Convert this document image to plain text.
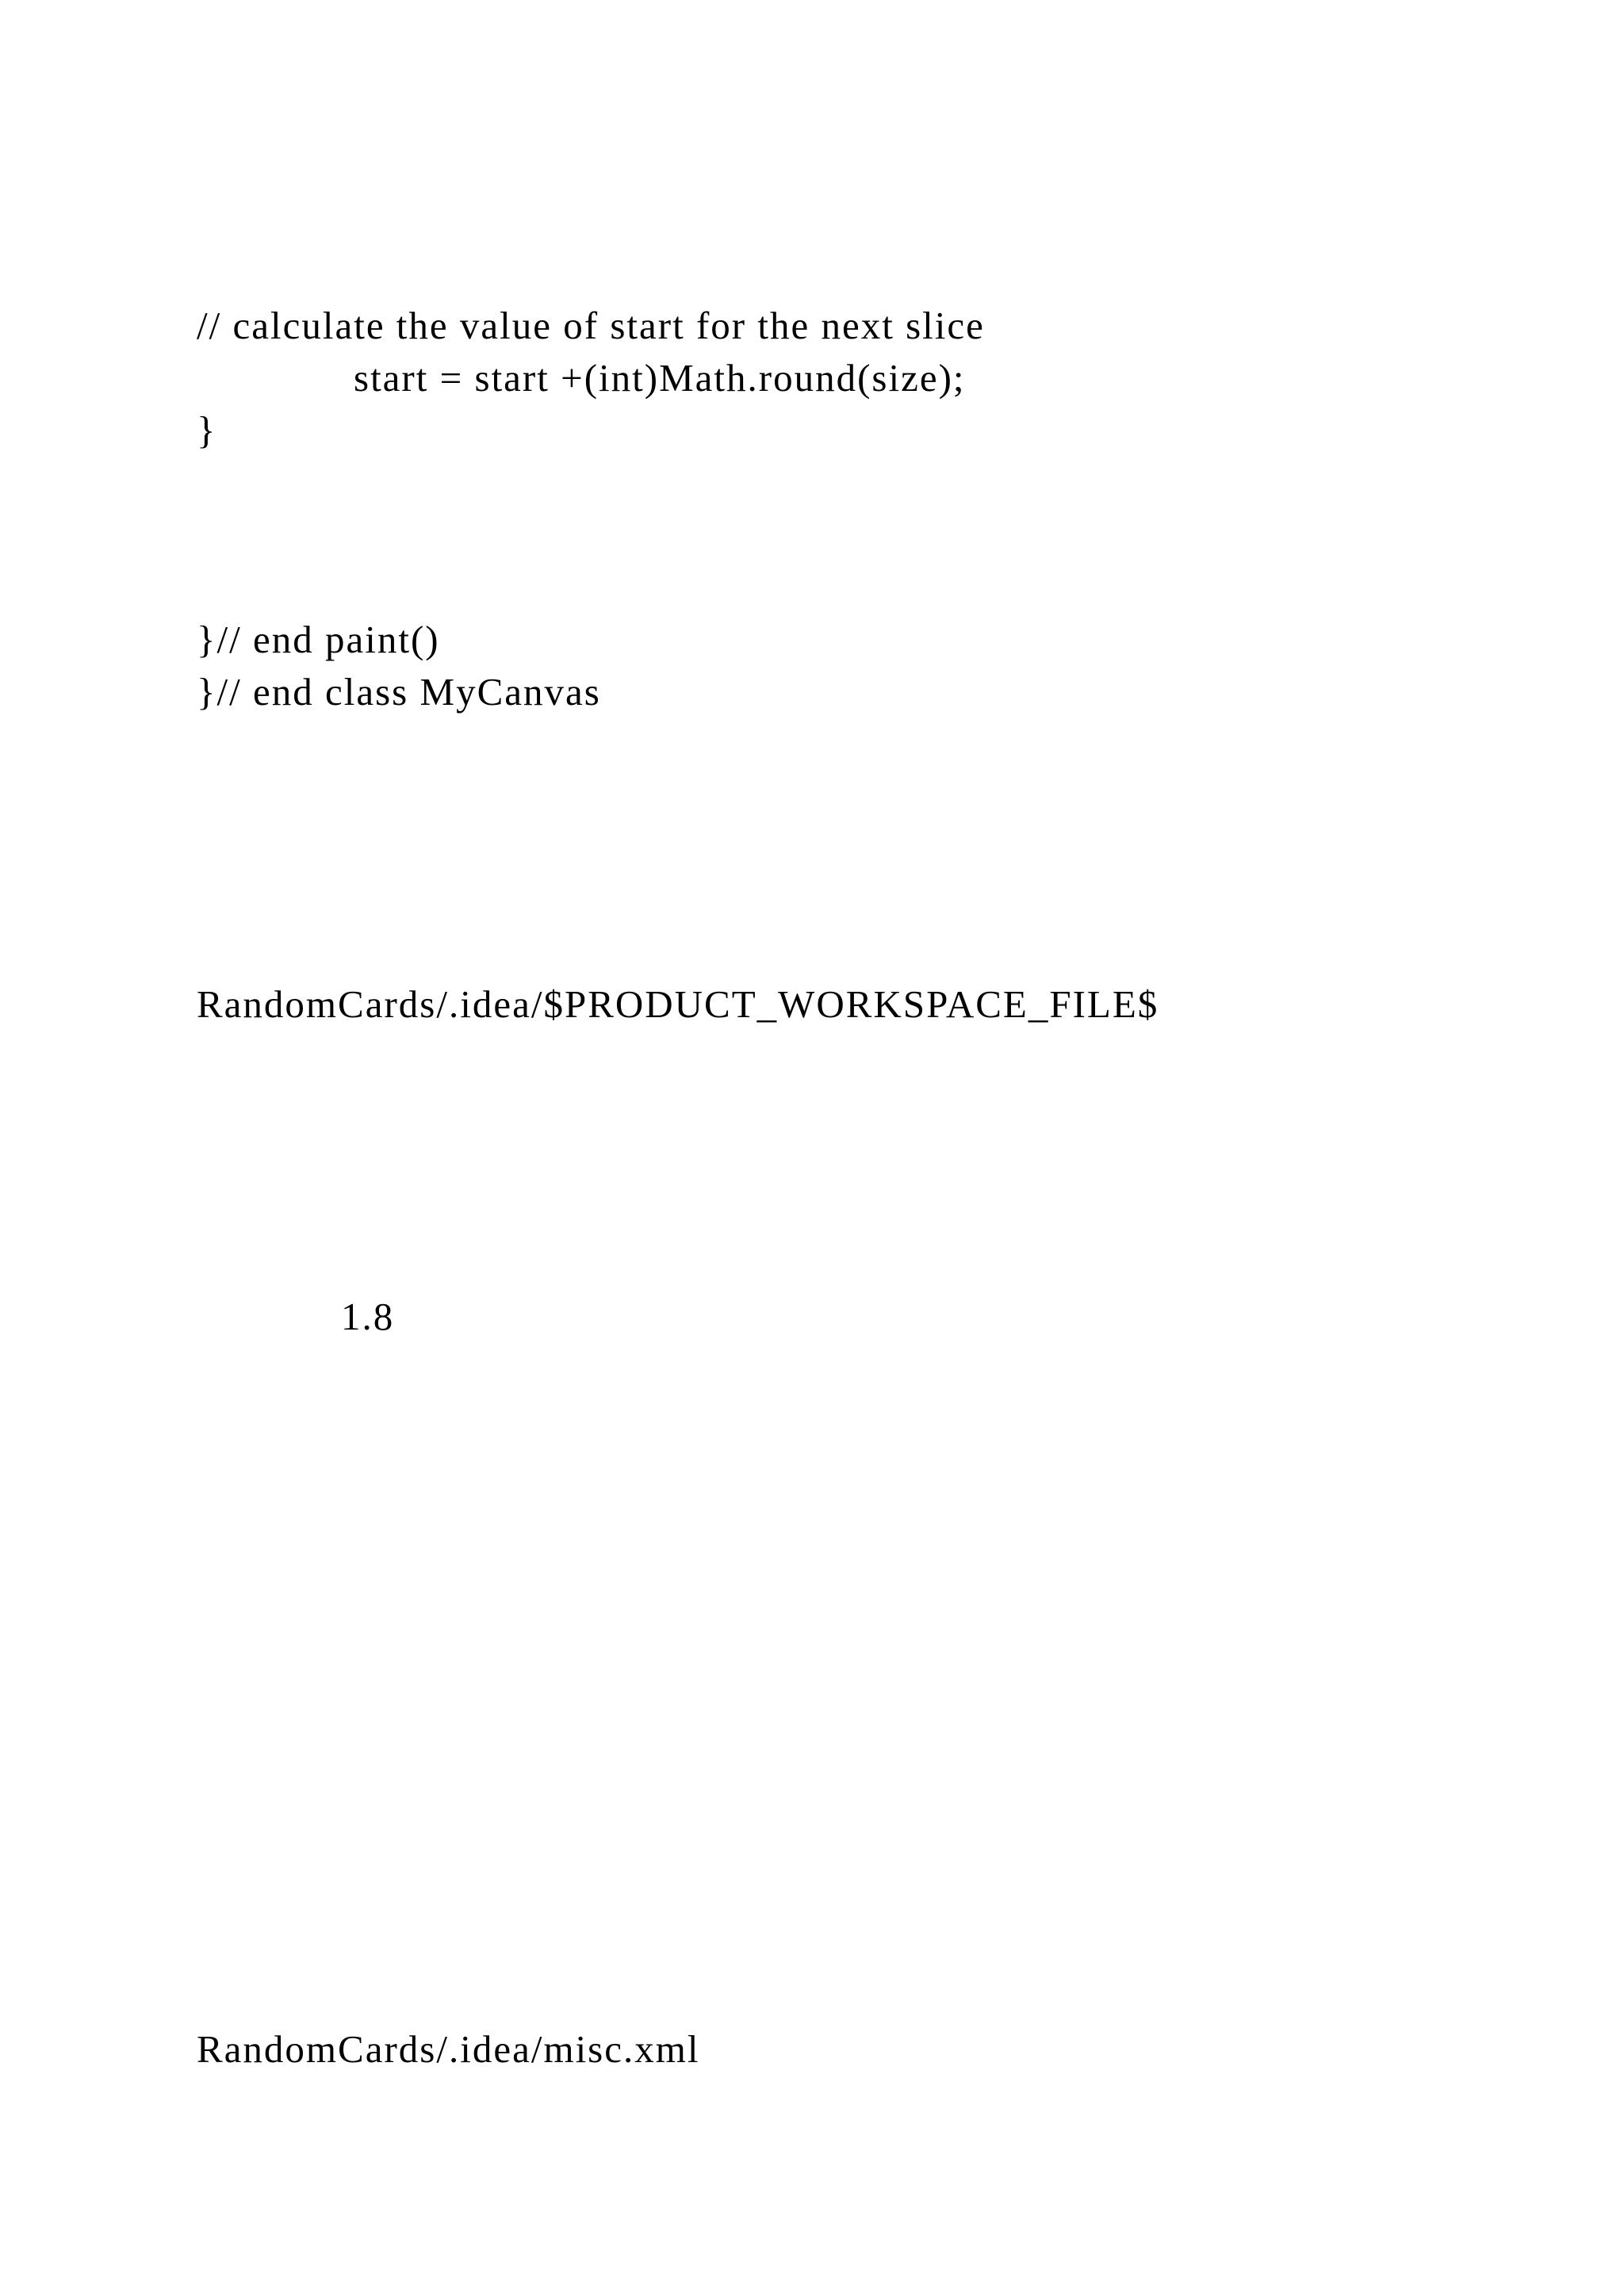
// calculate the value of start for the next slice

start = start +(int)Math.round(size);

}

}// end paint()

}// end class MyCanvas

RandomCards/.idea/$PRODUCT_WORKSPACE_FILE$

1.8

RandomCards/.idea/misc.xml
